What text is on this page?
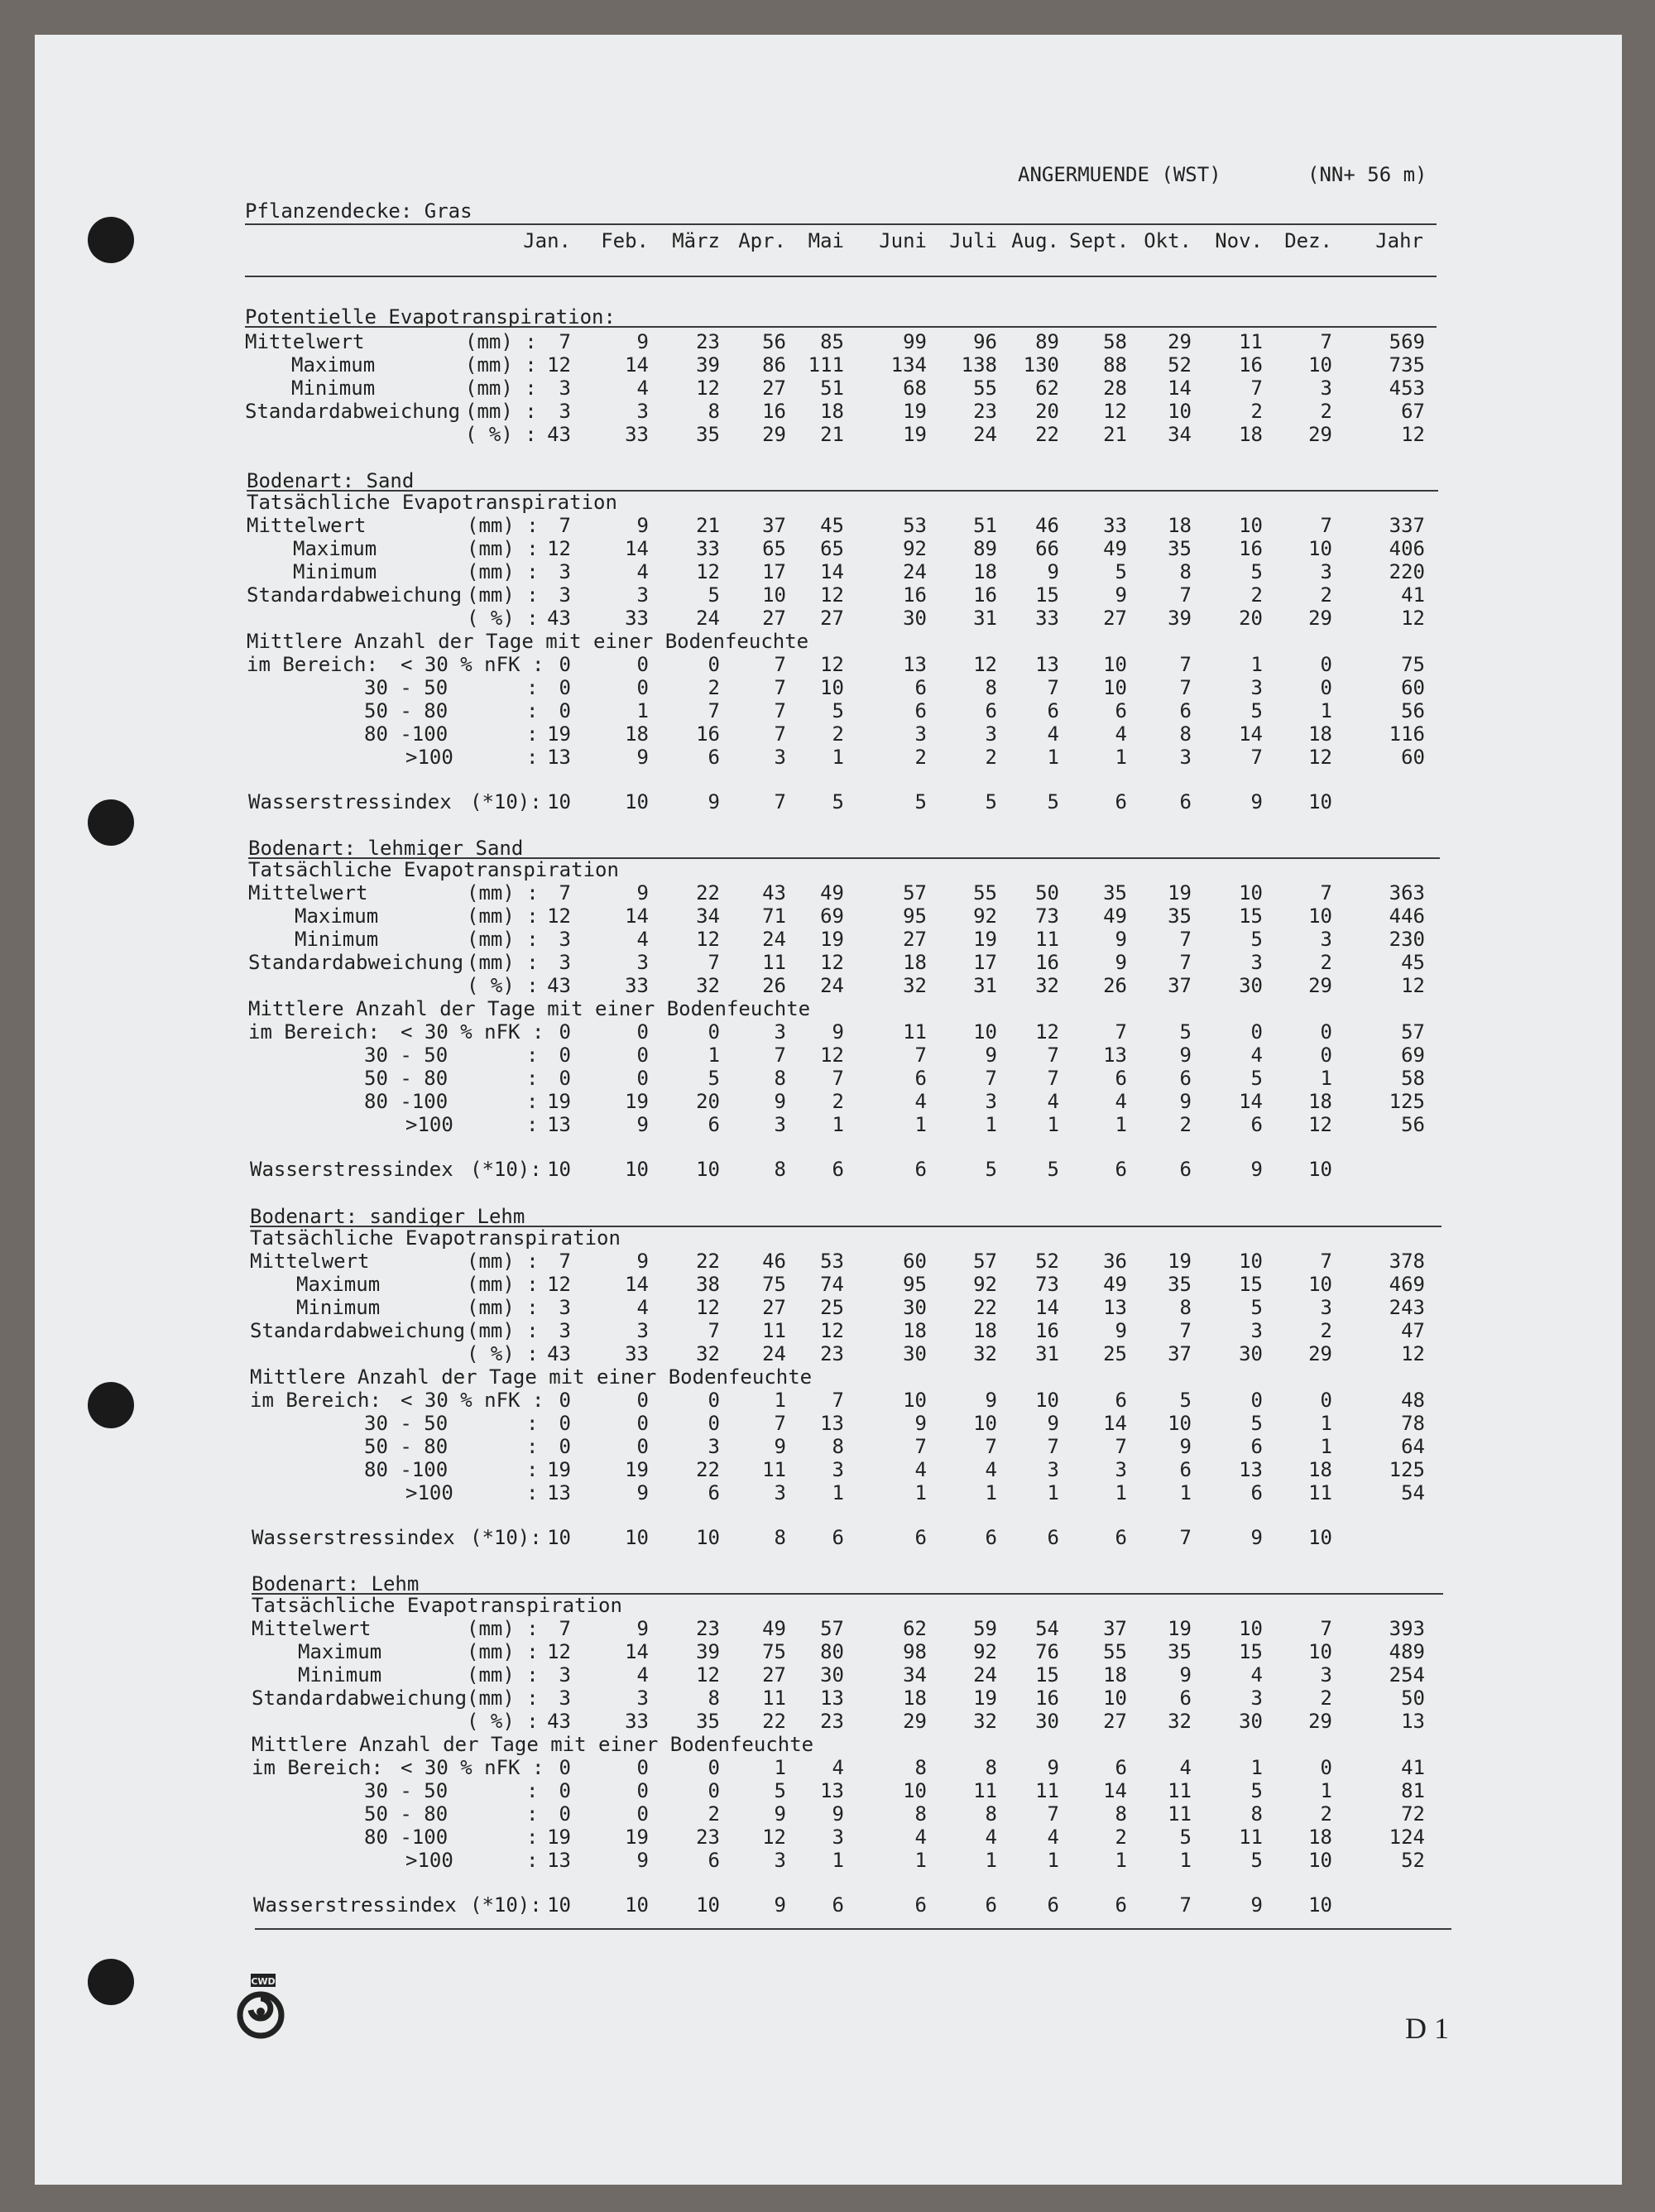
ANGERMUENDE (WST)	(NN+ 56 m)
Pflanzendecke: Gras
Potentielle Evapotranspiration:
CWD
D 1
Jan.	Feb.	März Apr.	Mai	Juni	Juli Aug. Sept. Okt.	Nov.	Dez.	Jahr
Mittelwert	(mm) :	7	9	23	56	85	99	96	89	58	29	11	7	569
Maximum	(mm) : 12	14	39	86	111	134	138	130	88	52	16	10	735
Minimum	(mm) :	3	4	12	27	51	68	55	62	28	14	7	3	453
Standardabweichung (mm) :	3	3	8	16	18	19	23	20	12	10	2	2	67
( %) : 43	33	35	29	21	19	24	22	21	34	18	29	12
Bodenart: Sand
Tatsächliche Evapotranspiration
Mittelwert	(mm) :	7	9	21	37	45	53	51	46	33	18	10	7	337
Maximum	(mm) : 12	14	33	65	65	92	89	66	49	35	16	10	406
Minimum	(mm) :	3	4	12	17	14	24	18	9	5	8	5	3	220
Standardabweichung (mm) :	3	3	5	10	12	16	16	15	9	7	2	2	41
( %) : 43	33	24	27	27	30	31	33	27	39	20	29	12
Mittlere Anzahl der Tage mit einer Bodenfeuchte
im Bereich: < 30 % nFK : 0	0	0	7	12	13	12	13	10	7	1	0	75
30 - 50	:	0	0	2	7	10	6	8	7	10	7	3	0	60
50 - 80	:	0	1	7	7	5	6	6	6	6	6	5	1	56
80 -100	: 19	18	16	7	2	3	3	4	4	8	14	18	116
>100	: 13	9	6	3	1	2	2	1	1	3	7	12	60
Wasserstressindex (*10): 10	10	9	7	5	5	5	5	6	6	9	10
Bodenart: lehmiger Sand
Tatsächliche Evapotranspiration
Mittelwert	(mm) :	7	9	22	43	49	57	55	50	35	19	10	7	363
Maximum	(mm) : 12	14	34	71	69	95	92	73	49	35	15	10	446
Minimum	(mm) :	3	4	12	24	19	27	19	11	9	7	5	3	230
Standardabweichung (mm) :	3	3	7	11	12	18	17	16	9	7	3	2	45
( %) : 43	33	32	26	24	32	31	32	26	37	30	29	12
Mittlere Anzahl der Tage mit einer Bodenfeuchte
im Bereich: < 30 % nFK : 0	0	0	3	9	11	10	12	7	5	0	0	57
30 - 50	:	0	0	1	7	12	7	9	7	13	9	4	0	69
50 - 80	:	0	0	5	8	7	6	7	7	6	6	5	1	58
80 -100	: 19	19	20	9	2	4	3	4	4	9	14	18	125
>100	: 13	9	6	3	1	1	1	1	1	2	6	12	56
Wasserstressindex (*10): 10	10	10	8	6	6	5	5	6	6	9	10
Bodenart: sandiger Lehm
Tatsächliche Evapotranspiration
Mittelwert	(mm) :	7	9	22	46	53	60	57	52	36	19	10	7	378
Maximum	(mm) : 12	14	38	75	74	95	92	73	49	35	15	10	469
Minimum	(mm) :	3	4	12	27	25	30	22	14	13	8	5	3	243
Standardabweichung (mm) :	3	3	7	11	12	18	18	16	9	7	3	2	47
( %) : 43	33	32	24	23	30	32	31	25	37	30	29	12
Mittlere Anzahl der Tage mit einer Bodenfeuchte
im Bereich: < 30 % nFK : 0	0	0	1	7	10	9	10	6	5	0	0	48
30 - 50	:	0	0	0	7	13	9	10	9	14	10	5	1	78
50 - 80	:	0	0	3	9	8	7	7	7	7	9	6	1	64
80 -100	: 19	19	22	11	3	4	4	3	3	6	13	18	125
>100	: 13	9	6	3	1	1	1	1	1	1	6	11	54
Wasserstressindex (*10): 10	10	10	8	6	6	6	6	6	7	9	10
Bodenart: Lehm
Tatsächliche Evapotranspiration
Mittelwert	(mm) :	7	9	23	49	57	62	59	54	37	19	10	7	393
Maximum	(mm) : 12	14	39	75	80	98	92	76	55	35	15	10	489
Minimum	(mm) :	3	4	12	27	30	34	24	15	18	9	4	3	254
Standardabweichung (mm) :	3	3	8	11	13	18	19	16	10	6	3	2	50
( %) : 43	33	35	22	23	29	32	30	27	32	30	29	13
Mittlere Anzahl der Tage mit einer Bodenfeuchte
im Bereich: < 30 % nFK : 0	0	0	1	4	8	8	9	6	4	1	0	41
30 - 50	:	0	0	0	5	13	10	11	11	14	11	5	1	81
50 - 80	:	0	0	2	9	9	8	8	7	8	11	8	2	72
80 -100	: 19	19	23	12	3	4	4	4	2	5	11	18	124
>100	: 13	9	6	3	1	1	1	1	1	1	5	10	52
Wasserstressindex (*10): 10	10	10	9	6	6	6	6	6	7	9	10
